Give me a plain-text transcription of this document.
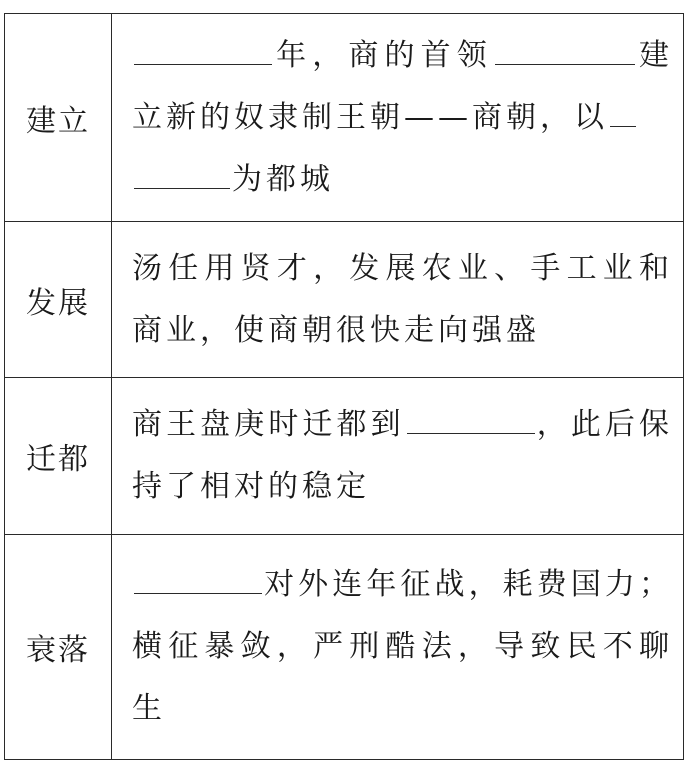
建立	年，商的首领 建立新的奴隶制王朝——商朝，以
为都城
发展	汤任用贤才，发展农业、手工业和商业，使商朝很快走向强盛
迁都	商王盘庚时迁都到 ，此后保持了相对的稳定
衰落	对外连年征战，耗费国力；横征暴敛，严刑酷法，导致民不聊生
